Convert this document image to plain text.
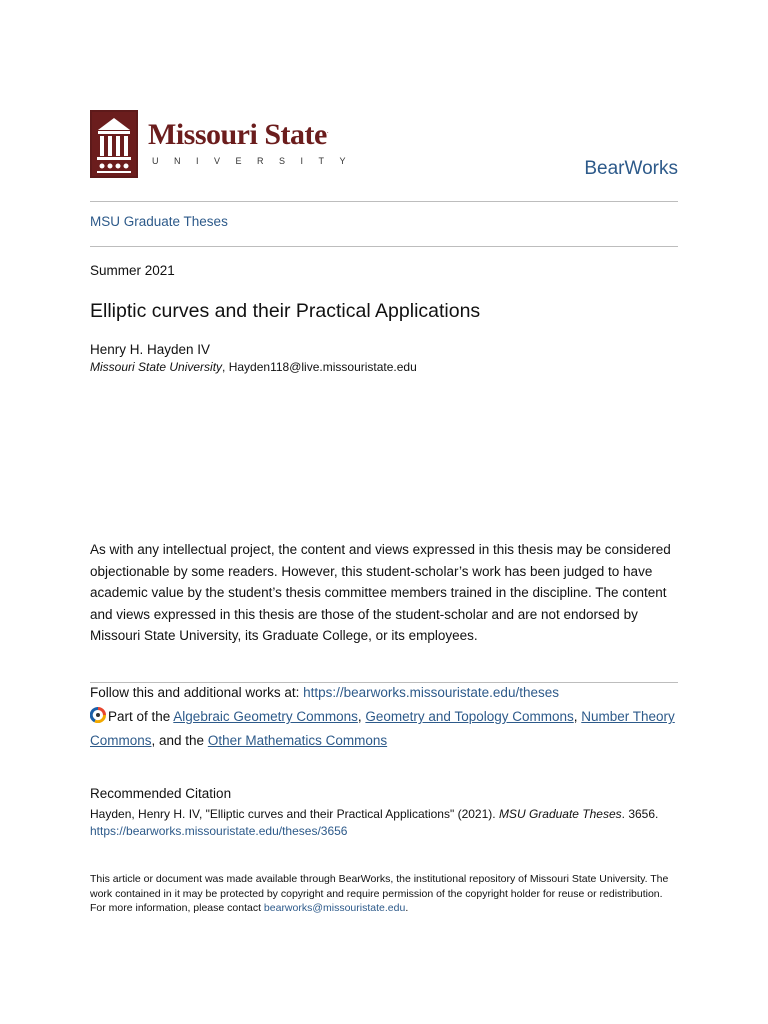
Missouri State.
UNIVERSITY	BearWorks
MSU Graduate Theses
Summer 2021
Elliptic curves and their Practical Applications
Henry H. Hayden IV
Missouri State University, Hayden118@live.missouristate.edu

As with any intellectual project, the content and views expressed in this thesis may be considered objectionable by some readers. However, this student-scholar’s work has been judged to have academic value by the student’s thesis committee members trained in the discipline. The content and views expressed in this thesis are those of the student-scholar and are not endorsed by Missouri State University, its Graduate College, or its employees.

Follow this and additional works at: https://bearworks.missouristate.edu/theses
Part of the Algebraic Geometry Commons, Geometry and Topology Commons, Number Theory Commons, and the Other Mathematics Commons
Recommended Citation
Hayden, Henry H. IV, "Elliptic curves and their Practical Applications" (2021). MSU Graduate Theses. 3656.
https://bearworks.missouristate.edu/theses/3656
This article or document was made available through BearWorks, the institutional repository of Missouri State University. The work contained in it may be protected by copyright and require permission of the copyright holder for reuse or redistribution.
For more information, please contact bearworks@missouristate.edu.
